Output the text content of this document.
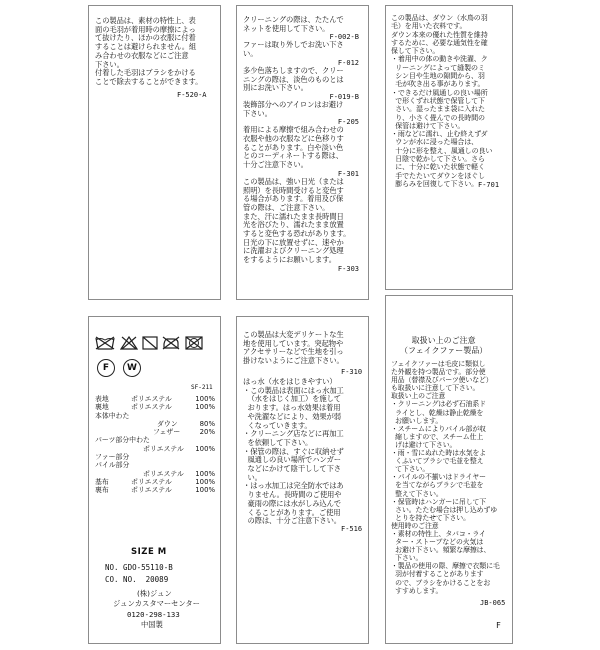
この製品は、素材の特性上、表
面の毛羽が着用時の摩擦によっ
て抜けたり、ほかの衣服に付着
することは避けられません。組
み合わせの衣服などにご注意
下さい。
付着した毛羽はブラシをかける
ことで除去することができます。
F-520-A
クリーニングの際は、たたんで
ネットを使用して下さい。
F-002-B
ファーは取り外しでお洗い下さ
い。
F-012
多少色落ちしますので、クリー
ニングの際は、淡色のものとは
別にお洗い下さい。
F-019-B
装飾部分へのアイロンはお避け
下さい。
F-205
着用による摩擦で組み合わせの
衣服や他の衣服などに色移りす
ることがあります。白や淡い色
とのコーディネートする際は、
十分ご注意下さい。
F-301
この製品は、強い日光（または
照明）を長時間受けると変色す
る場合があります。着用及び保
管の際は、ご注意下さい。
また、汗に濡れたまま長時間日
光を浴びたり、濡れたまま放置
すると変色する恐れがあります。
日光の下に放置せずに、速やか
に洗濯およびクリーニング処理
をするようにお願いします。
F-303
この製品は、ダウン（水鳥の羽
毛）を用いた衣料です。
ダウン本来の優れた性質を維持
するために、必要な通気性を確
保して下さい。
・着用中の体の動きや洗濯、ク
リーニングによって縫製のミ
シン目や生地の隙間から、羽
毛が吹き出る事があります。
・できるだけ風通しの良い場所
で形くずれ状態で保管して下
さい。湿ったまま袋に入れた
り、小さく畳んでの長時間の
保管は避けて下さい。
・雨などに濡れ、止む終えずダ
ウンが水に浸った場合は、
十分に形を整え、風通しの良い
日陰で乾かして下さい。さら
に、十分に乾いた状態で軽く
手でたたいてダウンをほぐし
膨らみを回復して下さい。 F-701
F	W
SF-211
表地	ポリエステル	100%
裏地	ポリエステル	100%
本体中わた
ダウン	80%
フェザー	20%
パーツ部分中わた
ポリエステル 100%
ファー部分
パイル部分
ポリエステル 100%
基布	ポリエステル	100%
裏布	ポリエステル	100%
SIZE M
NO. GDO-55110-B
CO. NO.  20089
(株)ジュン
ジュンカスタマーセンター
0120-298-133
中国製
この製品は大変デリケートな生
地を使用しています。突起物や
アクセサリーなどで生地を引っ
掛けないようにご注意下さい。
F-310
はっ水（水をはじきやすい）
・この製品は表面にはっ水加工
（水をはじく加工）を施して
おります。はっ水効果は着用
や洗濯などにより、効果が弱
くなっていきます。
・クリーニング店などに再加工
を依頼して下さい。
・保管の際は、すぐに収納せず
風通しの良い場所でハンガー
などにかけて陰干しして下さ
い。
・はっ水加工は完全防水ではあ
りません。長時間のご使用や
豪雨の際には水がしみ込んで
くることがあります。ご使用
の際は、十分ご注意下さい。
F-516
取扱い上のご注意
（フェイクファー製品）
フェイクファーは毛皮に類似し
た外観を持つ製品です。部分使
用品（替襟及びパーツ使いなど）
も取扱いに注意して下さい。
取扱い上のご注意
・クリーニングは必ず石油系ド
ライとし、乾燥は静止乾燥を
お願いします。
・スチームによりパイル部が収
縮しますので、スチーム仕上
げは避けて下さい。
・雨・雪にぬれた時は水気をよ
くふいてブラシで毛並を整え
て下さい。
・パイルの不揃いはドライヤー
を当てながらブラシで毛並を
整えて下さい。
・保管時はハンガーに吊して下
さい。たたむ場合は押し込めずゆ
とりを持たせて下さい。
使用時のご注意
・素材の特性上、タバコ・ライ
ター・ストーブなどの火気は
お避け下さい。頻繁な摩擦は、
下さい。
・製品の使用の際、摩擦で衣類に毛
羽が付着することがあります
ので、ブラシをかけることをお
すすめします。
JB-065
F
